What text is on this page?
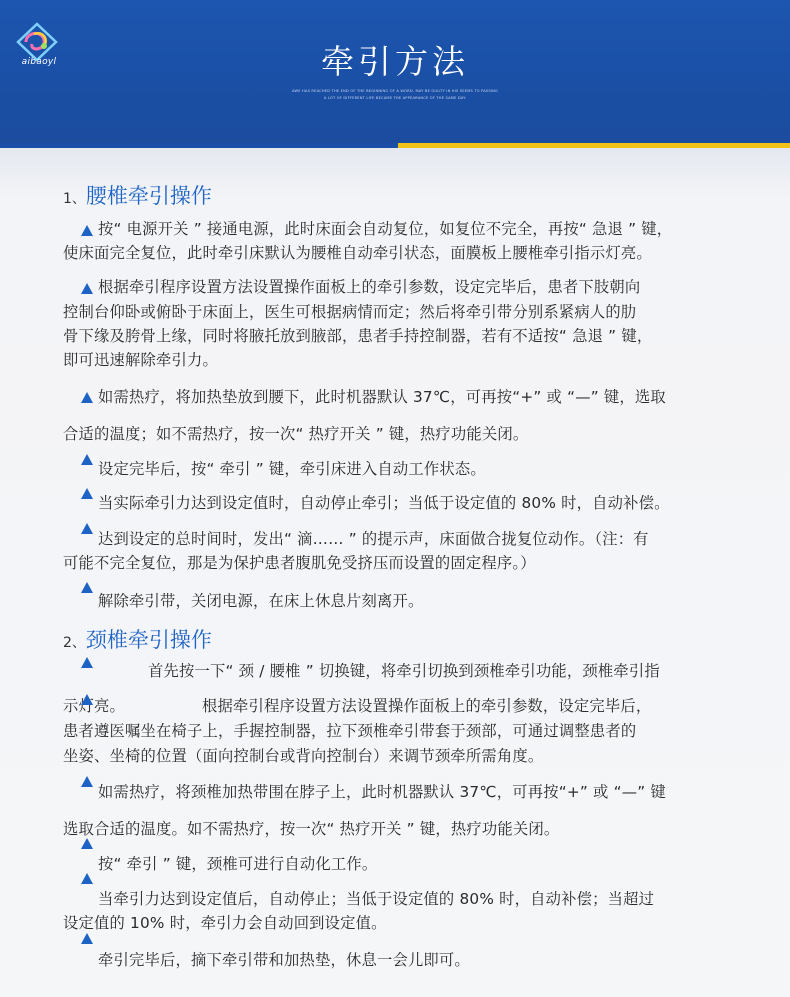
aibaoyl	牵引方法
AWE HAS REACHED THE END OF THE BEGINNING OF A WORD. MAY BE GUILTY IN HIS SEEMS TO PASSING
A LOT OF DIFFERENT LIFE BECAME THE APPEARANCE OF THE SAME DAY.
1、腰椎牵引操作
按“ 电源开关 ” 接通电源，此时床面会自动复位，如复位不完全，再按“ 急退 ” 键，
使床面完全复位，此时牵引床默认为腰椎自动牵引状态，面膜板上腰椎牵引指示灯亮。
根据牵引程序设置方法设置操作面板上的牵引参数，设定完毕后，患者下肢朝向
控制台仰卧或俯卧于床面上，医生可根据病情而定；然后将牵引带分别系紧病人的肋
骨下缘及胯骨上缘，同时将腋托放到腋部，患者手持控制器，若有不适按“ 急退 ” 键，
即可迅速解除牵引力。
如需热疗，将加热垫放到腰下，此时机器默认 37℃，可再按“+” 或 “—” 键，选取
合适的温度；如不需热疗，按一次“ 热疗开关 ” 键，热疗功能关闭。
设定完毕后，按“ 牵引 ” 键，牵引床进入自动工作状态。
当实际牵引力达到设定值时，自动停止牵引；当低于设定值的 80% 时，自动补偿。
达到设定的总时间时，发出“ 滴…… ” 的提示声，床面做合拢复位动作。（注：有
可能不完全复位，那是为保护患者腹肌免受挤压而设置的固定程序。）
解除牵引带，关闭电源，在床上休息片刻离开。
2、颈椎牵引操作
首先按一下“ 颈 / 腰椎 ” 切换键，将牵引切换到颈椎牵引功能，颈椎牵引指
示灯亮。	根据牵引程序设置方法设置操作面板上的牵引参数，设定完毕后，
患者遵医嘱坐在椅子上，手握控制器，拉下颈椎牵引带套于颈部，可通过调整患者的
坐姿、坐椅的位置（面向控制台或背向控制台）来调节颈牵所需角度。
如需热疗，将颈椎加热带围在脖子上，此时机器默认 37℃，可再按“+” 或 “—” 键
选取合适的温度。如不需热疗，按一次“ 热疗开关 ” 键，热疗功能关闭。
按“ 牵引 ” 键，颈椎可进行自动化工作。
当牵引力达到设定值后，自动停止；当低于设定值的 80% 时，自动补偿；当超过
设定值的 10% 时，牵引力会自动回到设定值。
牵引完毕后，摘下牵引带和加热垫，休息一会儿即可。
